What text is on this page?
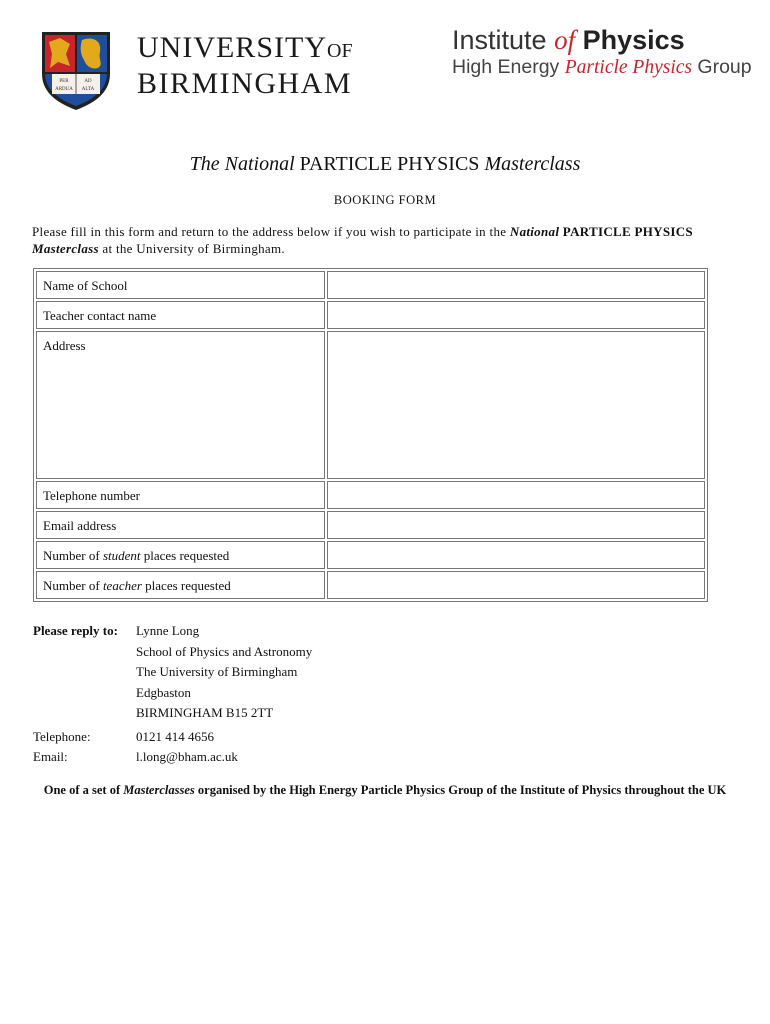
PER	AD
ARDUA ALTA
UNIVERSITYOF
BIRMINGHAM
Institute of Physics
High Energy Particle Physics Group
The National PARTICLE PHYSICS Masterclass
BOOKING FORM
Please fill in this form and return to the address below if you wish to participate in the National PARTICLE PHYSICS Masterclass at the University of Birmingham.
Name of School
Teacher contact name
Address
Telephone number
Email address
Number of student places requested
Number of teacher places requested
Please reply to: Lynne Long
School of Physics and Astronomy
The University of Birmingham
Edgbaston
BIRMINGHAM B15 2TT
Telephone:	0121 414 4656
Email:	l.long@bham.ac.uk
One of a set of Masterclasses organised by the High Energy Particle Physics Group of the Institute of Physics throughout the UK
